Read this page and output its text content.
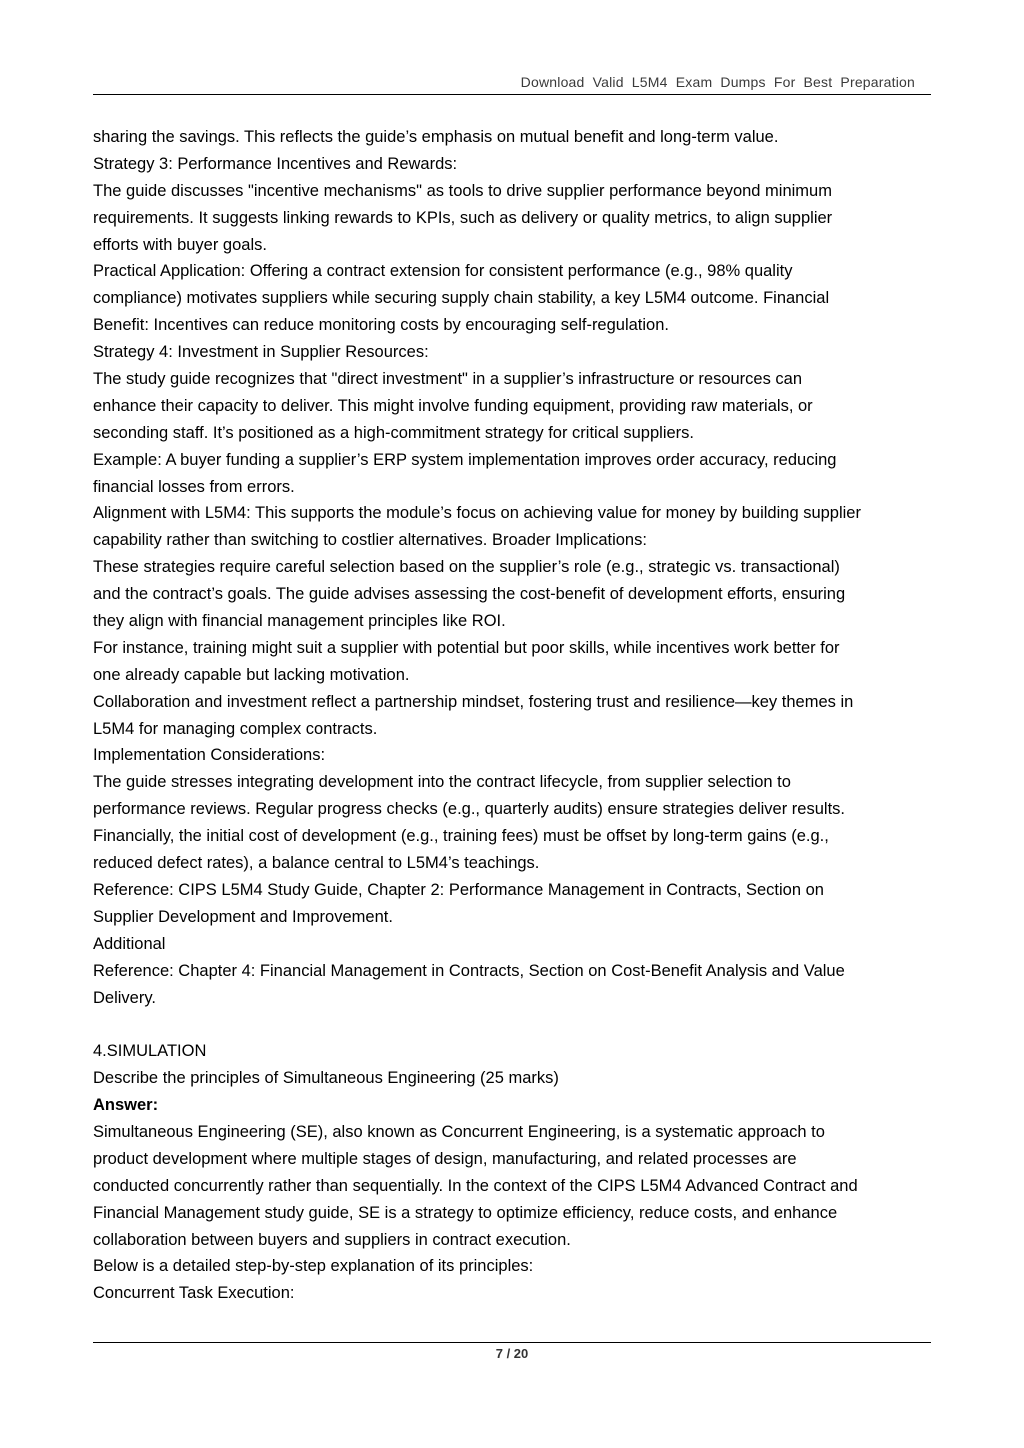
Download Valid L5M4 Exam Dumps For Best Preparation
sharing the savings. This reflects the guide’s emphasis on mutual benefit and long-term value.
Strategy 3: Performance Incentives and Rewards:
The guide discusses "incentive mechanisms" as tools to drive supplier performance beyond minimum
requirements. It suggests linking rewards to KPIs, such as delivery or quality metrics, to align supplier
efforts with buyer goals.
Practical Application: Offering a contract extension for consistent performance (e.g., 98% quality
compliance) motivates suppliers while securing supply chain stability, a key L5M4 outcome. Financial
Benefit: Incentives can reduce monitoring costs by encouraging self-regulation.
Strategy 4: Investment in Supplier Resources:
The study guide recognizes that "direct investment" in a supplier’s infrastructure or resources can
enhance their capacity to deliver. This might involve funding equipment, providing raw materials, or
seconding staff. It’s positioned as a high-commitment strategy for critical suppliers.
Example: A buyer funding a supplier’s ERP system implementation improves order accuracy, reducing
financial losses from errors.
Alignment with L5M4: This supports the module’s focus on achieving value for money by building supplier
capability rather than switching to costlier alternatives. Broader Implications:
These strategies require careful selection based on the supplier’s role (e.g., strategic vs. transactional)
and the contract’s goals. The guide advises assessing the cost-benefit of development efforts, ensuring
they align with financial management principles like ROI.
For instance, training might suit a supplier with potential but poor skills, while incentives work better for
one already capable but lacking motivation.
Collaboration and investment reflect a partnership mindset, fostering trust and resilience—key themes in
L5M4 for managing complex contracts.
Implementation Considerations:
The guide stresses integrating development into the contract lifecycle, from supplier selection to
performance reviews. Regular progress checks (e.g., quarterly audits) ensure strategies deliver results.
Financially, the initial cost of development (e.g., training fees) must be offset by long-term gains (e.g.,
reduced defect rates), a balance central to L5M4’s teachings.
Reference: CIPS L5M4 Study Guide, Chapter 2: Performance Management in Contracts, Section on
Supplier Development and Improvement.
Additional
Reference: Chapter 4: Financial Management in Contracts, Section on Cost-Benefit Analysis and Value
Delivery.
4.SIMULATION
Describe the principles of Simultaneous Engineering (25 marks)
Answer:
Simultaneous Engineering (SE), also known as Concurrent Engineering, is a systematic approach to
product development where multiple stages of design, manufacturing, and related processes are
conducted concurrently rather than sequentially. In the context of the CIPS L5M4 Advanced Contract and
Financial Management study guide, SE is a strategy to optimize efficiency, reduce costs, and enhance
collaboration between buyers and suppliers in contract execution.
Below is a detailed step-by-step explanation of its principles:
Concurrent Task Execution:
7 / 20
